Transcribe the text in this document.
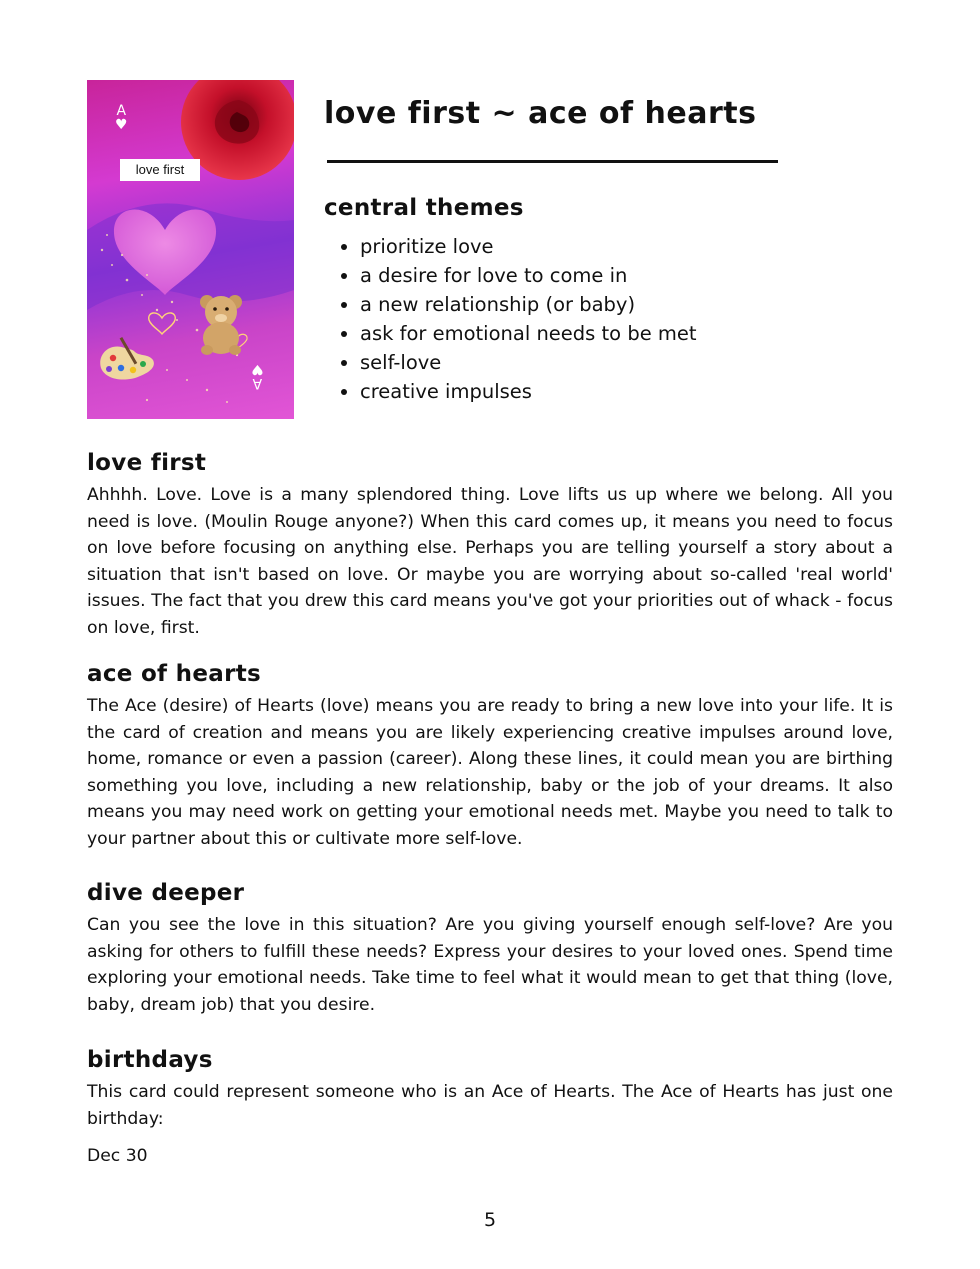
A
♥
A
♥
love first
love first ~ ace of hearts
central themes
• prioritize love
• a desire for love to come in
• a new relationship (or baby)
• ask for emotional needs to be met
• self-love
• creative impulses
love first

Ahhhh. Love. Love is a many splendored thing. Love lifts us up where we belong. All you need is love. (Moulin Rouge anyone?) When this card comes up, it means you need to focus on love before focusing on anything else. Perhaps you are telling yourself a story about a situation that isn't based on love. Or maybe you are worrying about so-called 'real world' issues. The fact that you drew this card means you've got your priorities out of whack - focus on love, first.

ace of hearts

The Ace (desire) of Hearts (love) means you are ready to bring a new love into your life. It is the card of creation and means you are likely experiencing creative impulses around love, home, romance or even a passion (career). Along these lines, it could mean you are birthing something you love, including a new relationship, baby or the job of your dreams. It also means you may need work on getting your emotional needs met. Maybe you need to talk to your partner about this or cultivate more self-love.

dive deeper

Can you see the love in this situation? Are you giving yourself enough self-love? Are you asking for others to fulfill these needs? Express your desires to your loved ones. Spend time exploring your emotional needs. Take time to feel what it would mean to get that thing (love, baby, dream job) that you desire.

birthdays

This card could represent someone who is an Ace of Hearts. The Ace of Hearts has just one birthday:

Dec 30

5
